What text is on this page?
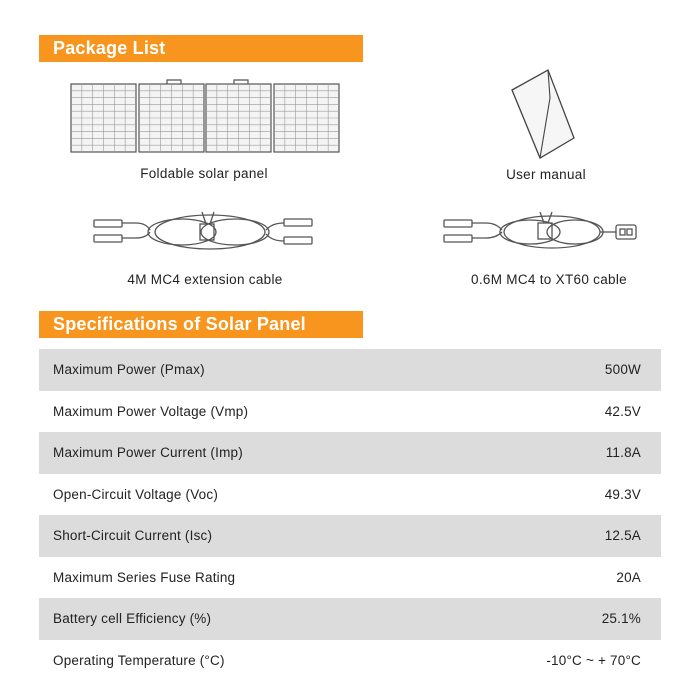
Package List
Foldable solar panel	User manual
4M MC4 extension cable	0.6M MC4 to XT60 cable
Specifications of Solar Panel
Maximum Power (Pmax)	500W
Maximum Power Voltage (Vmp)	42.5V
Maximum Power Current (Imp)	11.8A
Open-Circuit Voltage (Voc)	49.3V
Short-Circuit Current (Isc)	12.5A
Maximum Series Fuse Rating	20A
Battery cell Efficiency (%)	25.1%
Operating Temperature (°C)	-10°C ~ + 70°C
